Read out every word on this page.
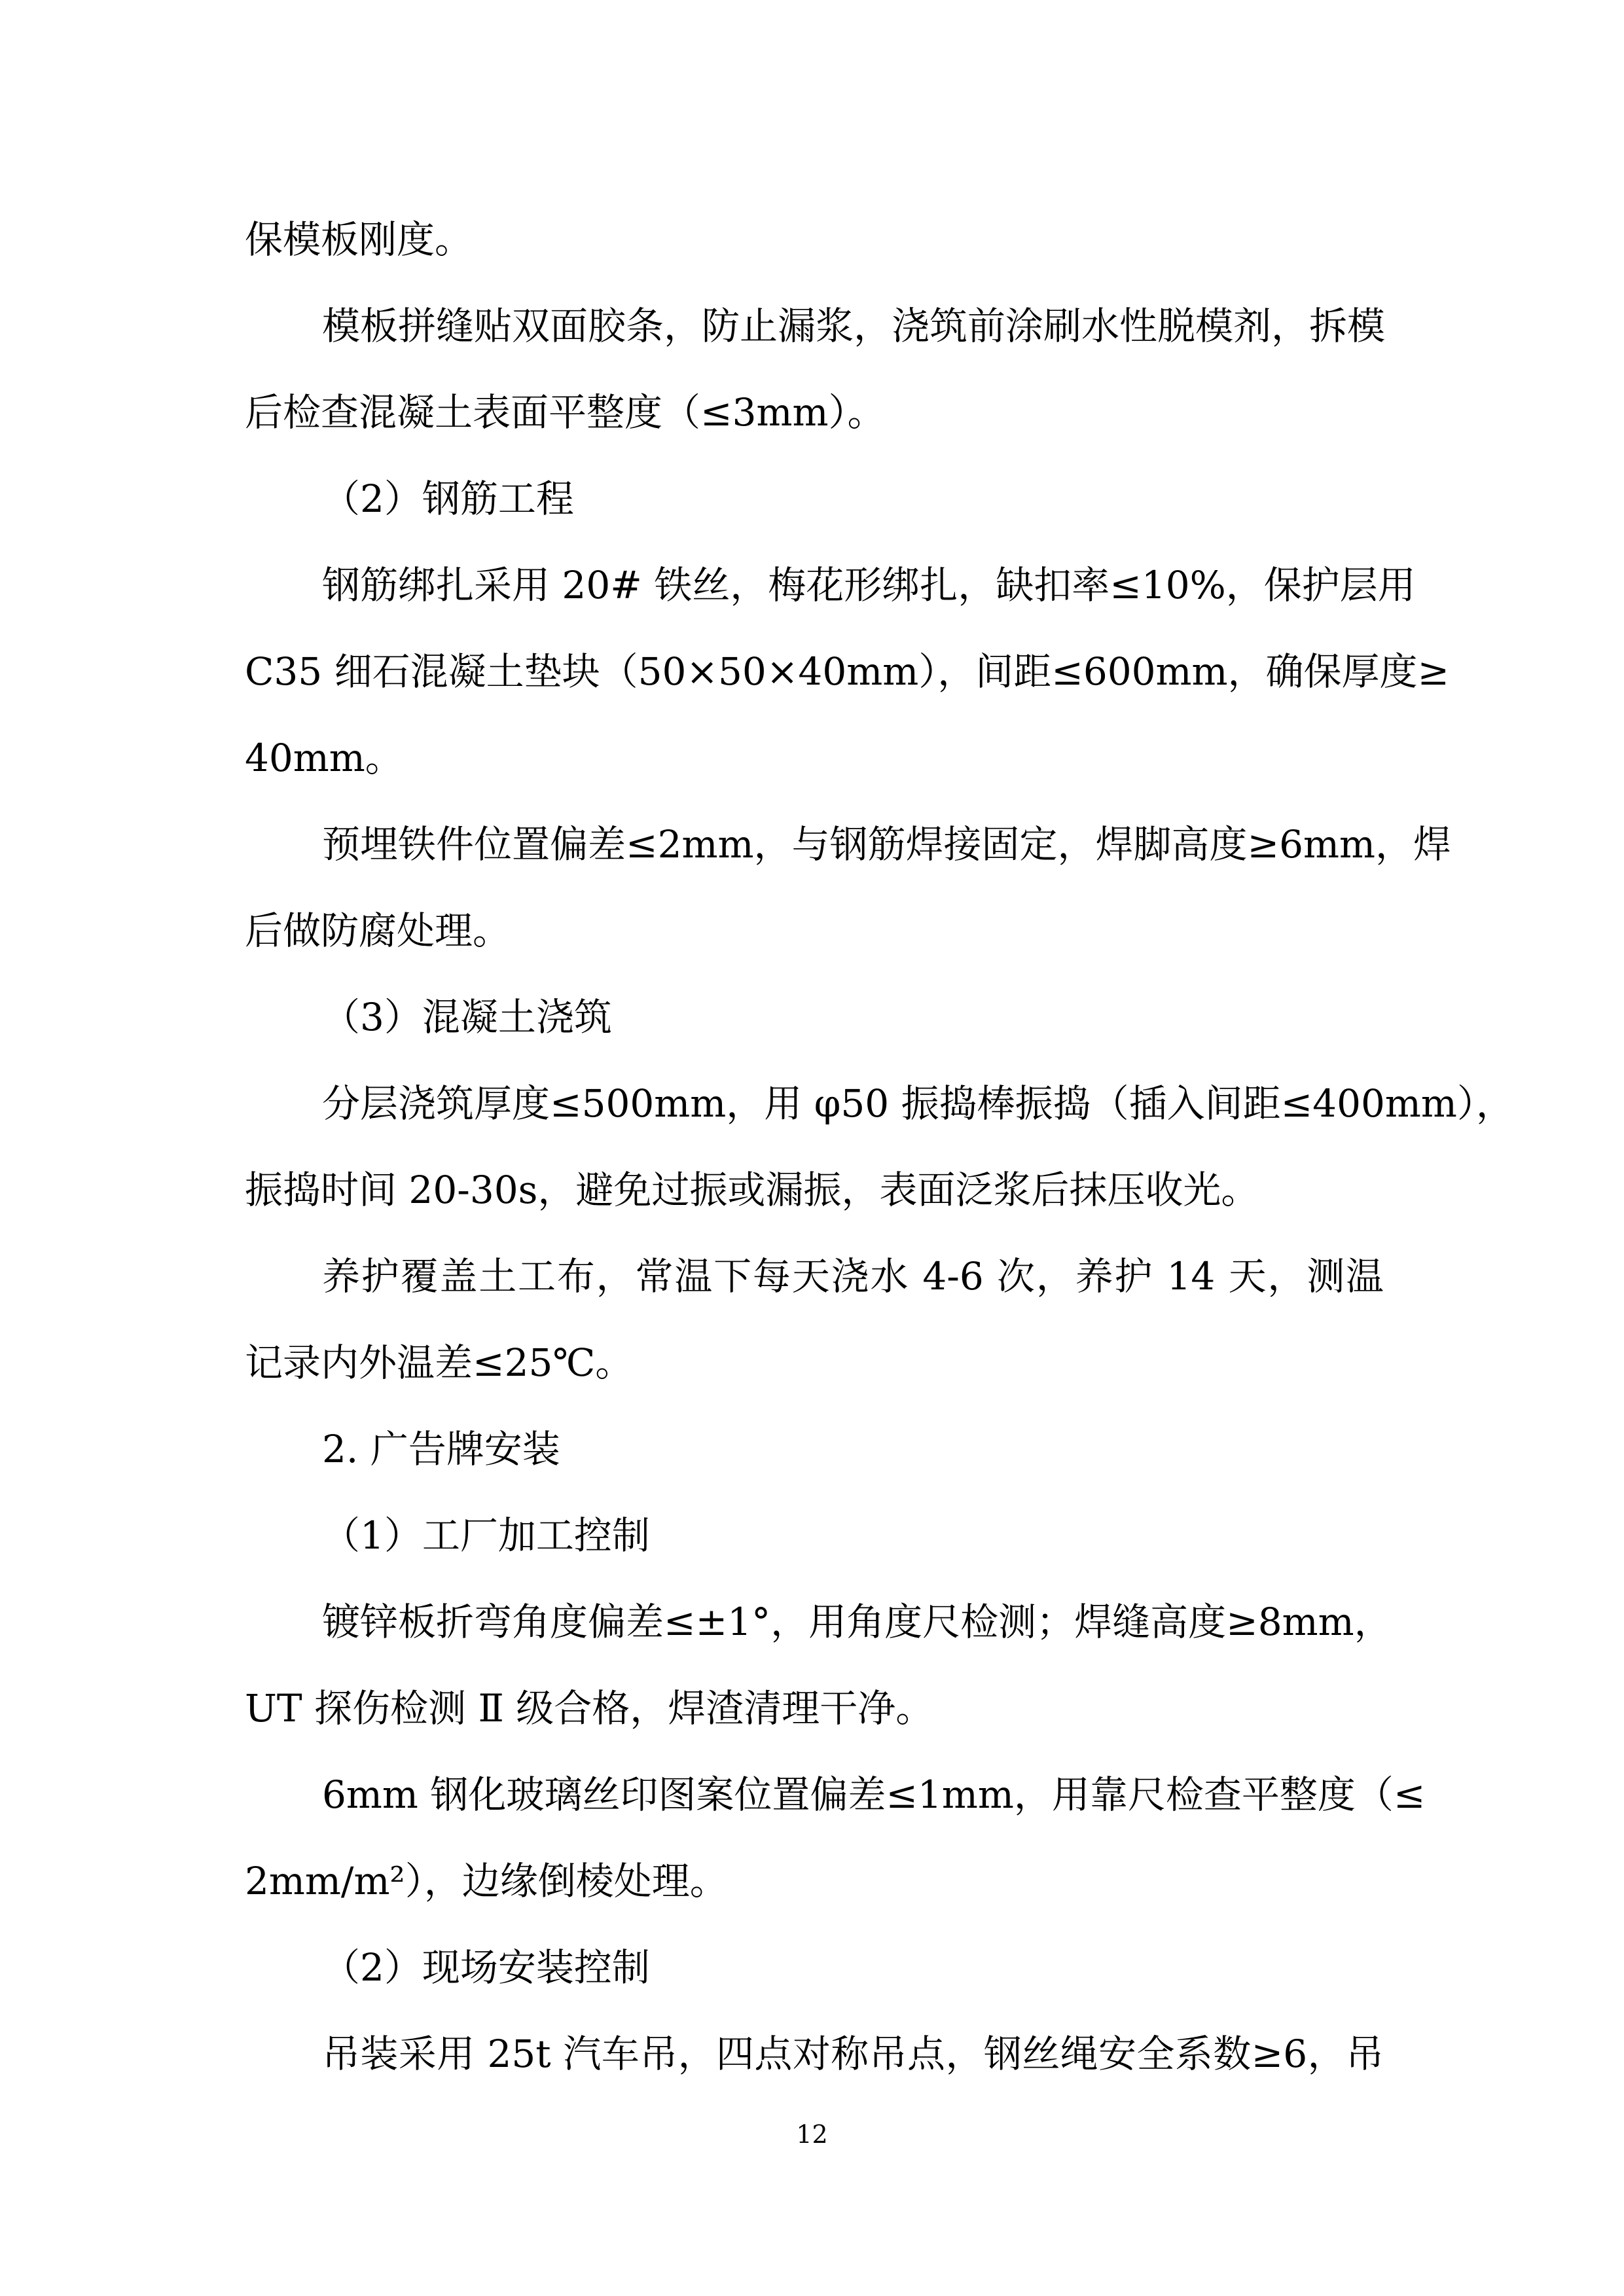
保模板刚度。
模板拼缝贴双面胶条，防止漏浆，浇筑前涂刷水性脱模剂，拆模
后检查混凝土表面平整度（≤3mm）。
（2）钢筋工程
钢筋绑扎采用 20# 铁丝，梅花形绑扎，缺扣率≤10%，保护层用
C35 细石混凝土垫块（50×50×40mm），间距≤600mm，确保厚度≥
40mm。
预埋铁件位置偏差≤2mm，与钢筋焊接固定，焊脚高度≥6mm，焊
后做防腐处理。
（3）混凝土浇筑
分层浇筑厚度≤500mm，用 φ50 振捣棒振捣（插入间距≤400mm），
振捣时间 20-30s，避免过振或漏振，表面泛浆后抹压收光。
养护覆盖土工布，常温下每天浇水 4-6 次，养护 14 天，测温
记录内外温差≤25℃。
2. 广告牌安装
（1）工厂加工控制
镀锌板折弯角度偏差≤±1°，用角度尺检测；焊缝高度≥8mm，
UT 探伤检测 Ⅱ 级合格，焊渣清理干净。
6mm 钢化玻璃丝印图案位置偏差≤1mm，用靠尺检查平整度（≤
2mm/m²），边缘倒棱处理。
（2）现场安装控制
吊装采用 25t 汽车吊，四点对称吊点，钢丝绳安全系数≥6，吊
12
